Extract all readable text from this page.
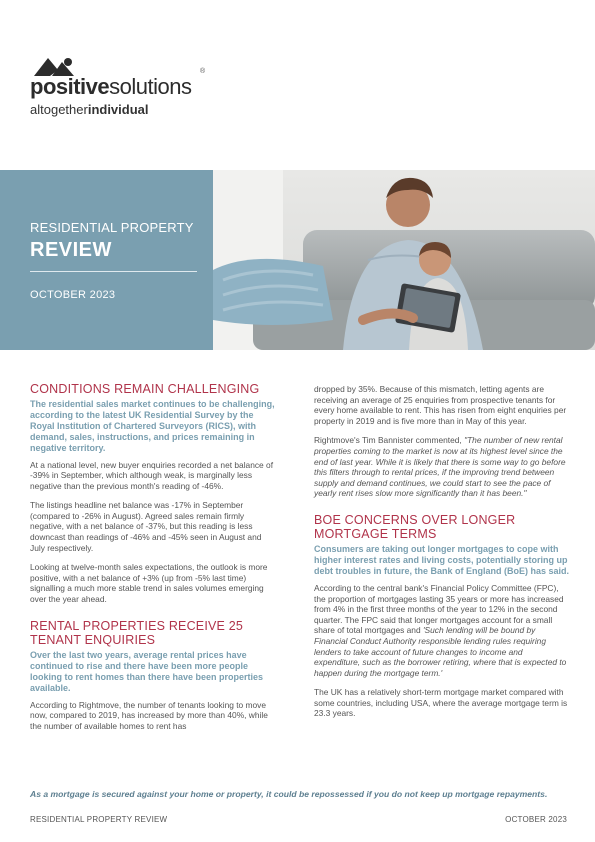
positivesolutions
®
altogetherindividual
RESIDENTIAL PROPERTY
REVIEW
OCTOBER 2023
CONDITIONS REMAIN CHALLENGING
The residential sales market continues to be challenging, according to the latest UK Residential Survey by the Royal Institution of Chartered Surveyors (RICS), with demand, sales, instructions, and prices remaining in negative territory.
At a national level, new buyer enquiries recorded a net balance of -39% in September, which although weak, is marginally less negative than the previous month's reading of -46%.
The listings headline net balance was -17% in September (compared to -26% in August). Agreed sales remain firmly negative, with a net balance of -37%, but this reading is less downcast than readings of -46% and -45% seen in August and July respectively.
Looking at twelve-month sales expectations, the outlook is more positive, with a net balance of +3% (up from -5% last time) signalling a much more stable trend in sales volumes emerging over the year ahead.
RENTAL PROPERTIES RECEIVE 25 TENANT ENQUIRIES
Over the last two years, average rental prices have continued to rise and there have been more people looking to rent homes than there have been properties available.
According to Rightmove, the number of tenants looking to move now, compared to 2019, has increased by more than 40%, while the number of available homes to rent has
dropped by 35%. Because of this mismatch, letting agents are receiving an average of 25 enquiries from prospective tenants for every home available to rent. This has risen from eight enquiries per property in 2019 and is five more than in May of this year.
Rightmove's Tim Bannister commented, "The number of new rental properties coming to the market is now at its highest level since the end of last year. While it is likely that there is some way to go before this filters through to rental prices, if the improving trend between supply and demand continues, we could start to see the pace of yearly rent rises slow more significantly than it has been."
BOE CONCERNS OVER LONGER MORTGAGE TERMS
Consumers are taking out longer mortgages to cope with higher interest rates and living costs, potentially storing up debt troubles in future, the Bank of England (BoE) has said.
According to the central bank's Financial Policy Committee (FPC), the proportion of mortgages lasting 35 years or more has increased from 4% in the first three months of the year to 12% in the second quarter. The FPC said that longer mortgages account for a small share of total mortgages and 'Such lending will be bound by Financial Conduct Authority responsible lending rules requiring lenders to take account of future changes to income and expenditure, such as the borrower retiring, where that is expected to happen during the mortgage term.'
The UK has a relatively short-term mortgage market compared with some countries, including USA, where the average mortgage term is 23.3 years.
As a mortgage is secured against your home or property, it could be repossessed if you do not keep up mortgage repayments.
RESIDENTIAL PROPERTY REVIEW	OCTOBER 2023
